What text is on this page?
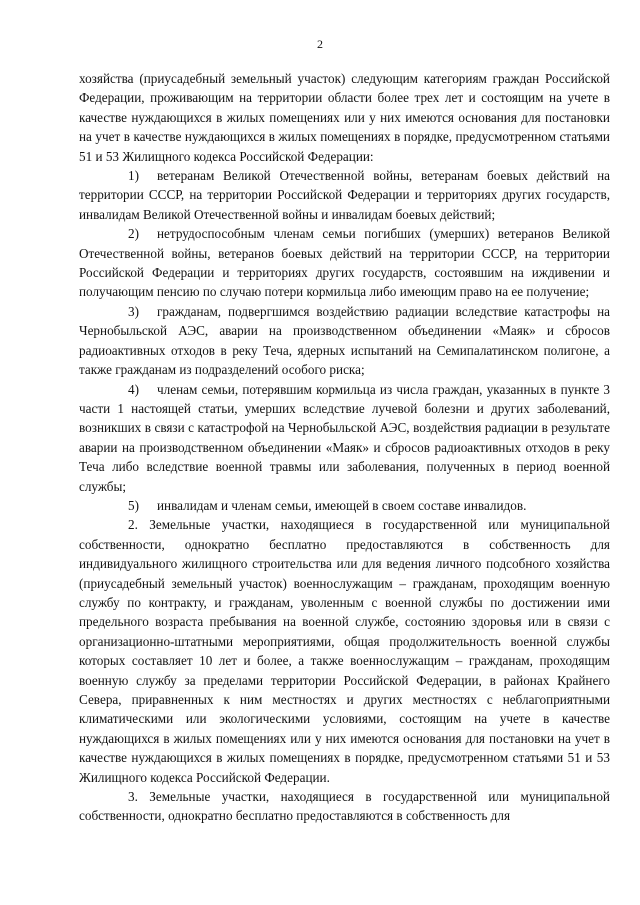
2

хозяйства (приусадебный земельный участок) следующим категориям граждан Российской Федерации, проживающим на территории области более трех лет и состоящим на учете в качестве нуждающихся в жилых помещениях или у них имеются основания для постановки на учет в качестве нуждающихся в жилых помещениях в порядке, предусмотренном статьями 51 и 53 Жилищного кодекса Российской Федерации:

1) ветеранам Великой Отечественной войны, ветеранам боевых действий на территории СССР, на территории Российской Федерации и территориях других государств, инвалидам Великой Отечественной войны и инвалидам боевых действий;

2) нетрудоспособным членам семьи погибших (умерших) ветеранов Великой Отечественной войны, ветеранов боевых действий на территории СССР, на территории Российской Федерации и территориях других государств, состоявшим на иждивении и получающим пенсию по случаю потери кормильца либо имеющим право на ее получение;

3) гражданам, подвергшимся воздействию радиации вследствие катастрофы на Чернобыльской АЭС, аварии на производственном объединении «Маяк» и сбросов радиоактивных отходов в реку Теча, ядерных испытаний на Семипалатинском полигоне, а также гражданам из подразделений особого риска;

4) членам семьи, потерявшим кормильца из числа граждан, указанных в пункте 3 части 1 настоящей статьи, умерших вследствие лучевой болезни и других заболеваний, возникших в связи с катастрофой на Чернобыльской АЭС, воздействия радиации в результате аварии на производственном объединении «Маяк» и сбросов радиоактивных отходов в реку Теча либо вследствие военной травмы или заболевания, полученных в период военной службы;

5) инвалидам и членам семьи, имеющей в своем составе инвалидов.

2. Земельные участки, находящиеся в государственной или муниципальной собственности, однократно бесплатно предоставляются в собственность для индивидуального жилищного строительства или для ведения личного подсобного хозяйства (приусадебный земельный участок) военнослужащим – гражданам, проходящим военную службу по контракту, и гражданам, уволенным с военной службы по достижении ими предельного возраста пребывания на военной службе, состоянию здоровья или в связи с организационно-штатными мероприятиями, общая продолжительность военной службы которых составляет 10 лет и более, а также военнослужащим – гражданам, проходящим военную службу за пределами территории Российской Федерации, в районах Крайнего Севера, приравненных к ним местностях и других местностях с неблагоприятными климатическими или экологическими условиями, состоящим на учете в качестве нуждающихся в жилых помещениях или у них имеются основания для постановки на учет в качестве нуждающихся в жилых помещениях в порядке, предусмотренном статьями 51 и 53 Жилищного кодекса Российской Федерации.

3. Земельные участки, находящиеся в государственной или муниципальной собственности, однократно бесплатно предоставляются в собственность для
